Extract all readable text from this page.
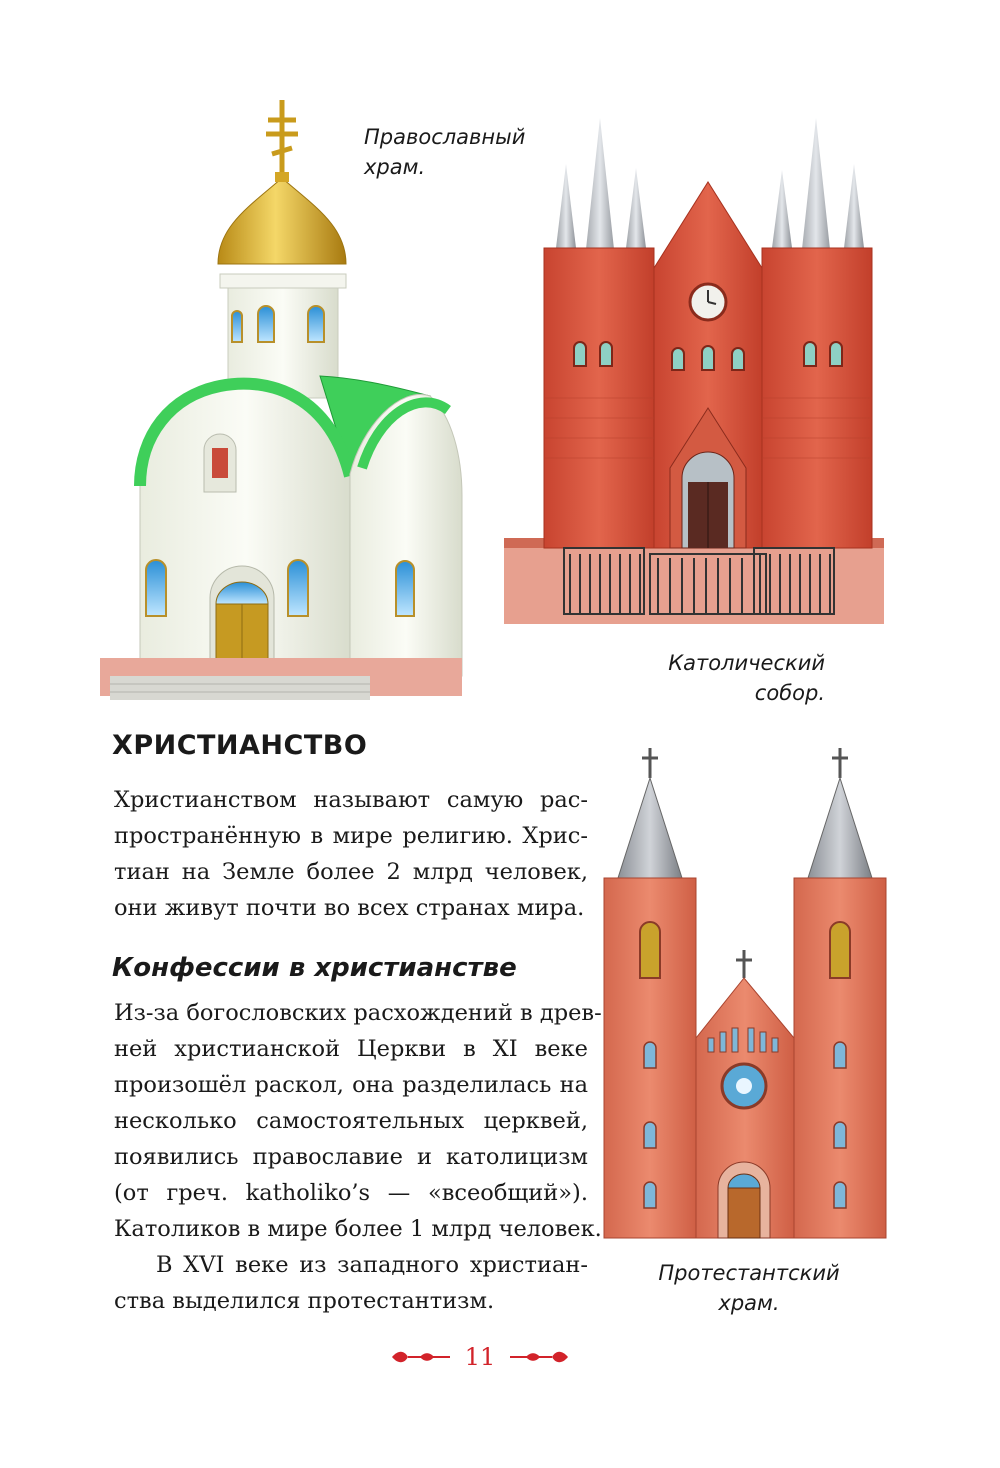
Православный
храм.
Католический
собор.
Протестантский
храм.
ХРИСТИАНСТВО
Христианством называют самую рас-
пространённую в мире религию. Хрис-
тиан на Земле более 2 млрд человек,
они живут почти во всех странах мира.
Конфессии в христианстве
Из-за богословских расхождений в древ-
ней христианской Церкви в XI веке
произошёл раскол, она разделилась на
несколько самостоятельных церквей,
появились православие и католицизм
(от греч. katholiko’s — «всеобщий»).
Католиков в мире более 1 млрд человек.
В XVI веке из западного христиан-
ства выделился протестантизм.
11
